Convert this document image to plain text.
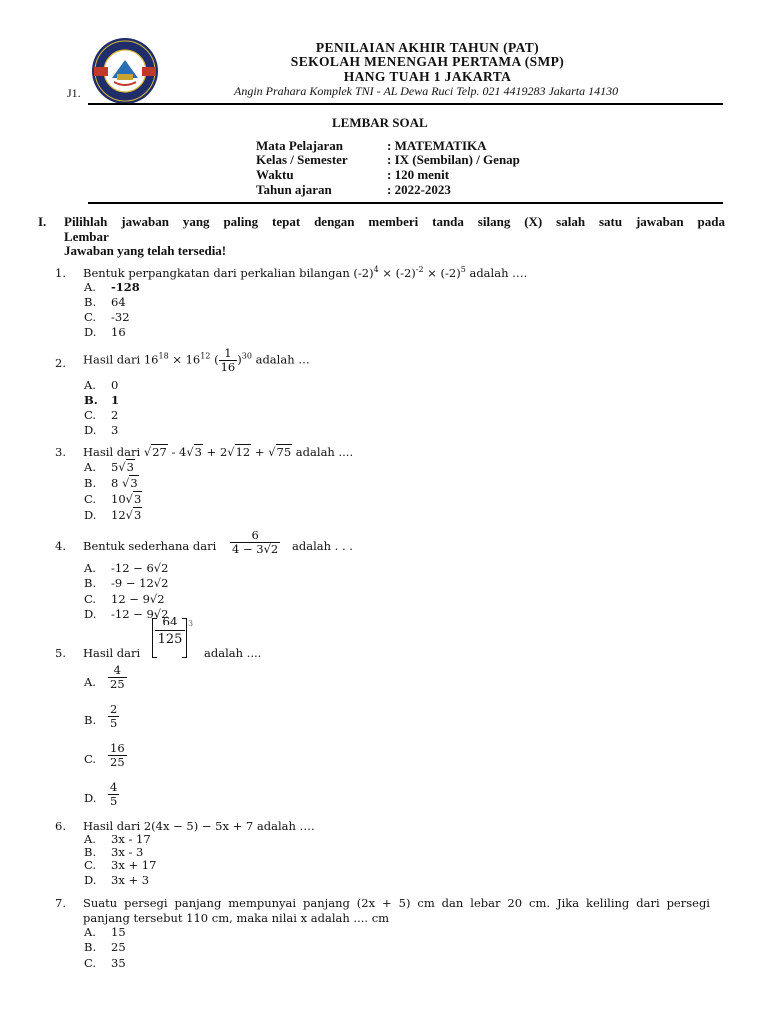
J1.
PENILAIAN AKHIR TAHUN (PAT)
SEKOLAH MENENGAH PERTAMA (SMP)
HANG TUAH 1 JAKARTA
Angin Prahara Komplek TNI - AL Dewa Ruci Telp. 021 4419283 Jakarta 14130
LEMBAR SOAL
Mata Pelajaran	: MATEMATIKA
Kelas / Semester	: IX (Sembilan) / Genap
Waktu	: 120 menit
Tahun ajaran	: 2022-2023
I. Pilihlah jawaban yang paling tepat dengan memberi tanda silang (X) salah satu jawaban pada
Lembar
Jawaban yang telah tersedia!
1. Bentuk perpangkatan dari perkalian bilangan $(-2)^4 \times (-2)^{-2} \times (-2)^5$ adalah ….
A. -128
B. 64
C. -32
D. 16
2. Hasil dari $16^{18} \times 16^{12}$ ( $\frac{1}{16} )^{30}$ adalah …
A. 0
B. 1
C. 2
D. 3
3. Hasil dari √27 - 4√3 + 2√12 + √75 adalah ....
A. 5√3
B. 8 √3
C. 10√3
D. 12√3
4. Bentuk sederhana dari $\frac{6}{4 - 3√2}$ adalah . . .
A. -12 − 6√2
B. -9 − 12√2
C. 12 − 9√2
D. -12 − 9√2
5. Hasil dari
$\frac{64}{125} 3$
adalah ....
A. $\frac{4}{25}$
B. $\frac{2}{5}$
C. $\frac{16}{25}$
D. $\frac{4}{5}$
6. Hasil dari 2(4x − 5) − 5x + 7 adalah ….
A. 3x - 17
B. 3x - 3
C. 3x + 17
D. 3x + 3
7. Suatu persegi panjang mempunyai panjang (2x + 5) cm dan lebar 20 cm. Jika keliling dari persegi
panjang tersebut 110 cm, maka nilai x adalah .... cm
A. 15
B. 25
C. 35
